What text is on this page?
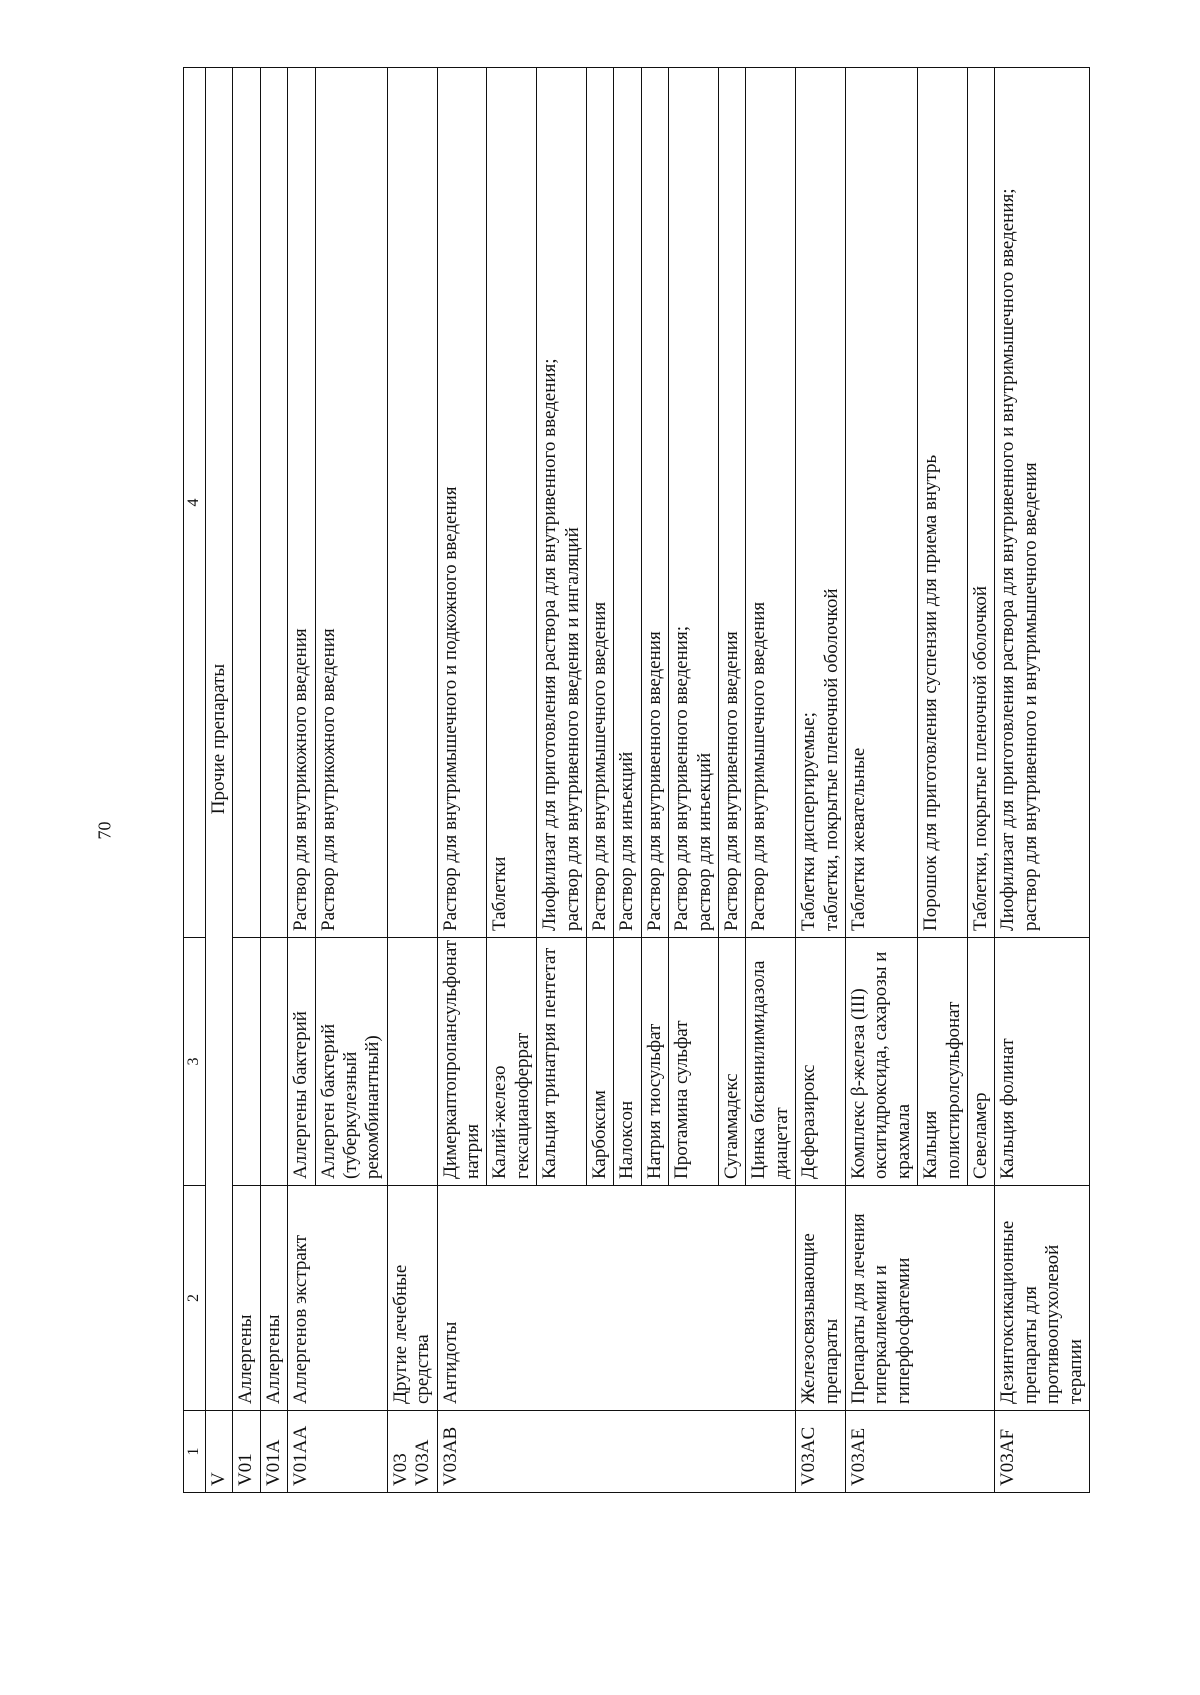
70
1	2	3	4
V	Прочие препараты		
V01	Аллергены		
V01A	Аллергены		
V01AA	Аллергенов экстракт	Аллергены бактерий	Раствор для внутрикожного введения
		Аллерген бактерий (туберкулезный рекомбинантный)	Раствор для внутрикожного введения

V03 V03A	Другие лечебные средства		
V03AB	Антидоты	Димеркаптопропансульфонат натрия	Раствор для внутримышечного и подкожного введения
		Калий-железо гексацианоферрат	Таблетки
		Кальция тринатрия пентетат	Лиофилизат для приготовления раствора для внутривенного введения;
раствор для внутривенного введения и ингаляций
		Карбоксим	Раствор для внутримышечного введения
		Налоксон	Раствор для инъекций
		Натрия тиосульфат	Раствор для внутривенного введения
		Протамина сульфат	Раствор для внутривенного введения;
раствор для инъекций
		Сугаммадекс	Раствор для внутривенного введения
		Цинка бисвинилимидазола диацетат	Раствор для внутримышечного введения
V03AC	Железосвязывающие препараты	Деферазирокс	Таблетки диспергируемые;
таблетки, покрытые пленочной оболочкой
V03AE	Препараты для лечения гиперкалиемии и гиперфосфатемии	Комплекс β-железа (III) оксигидроксида, сахарозы и крахмала	Таблетки жевательные
		Кальция полистиролсульфонат	Порошок для приготовления суспензии для приема внутрь
		Севеламер	Таблетки, покрытые пленочной оболочкой
V03AF	Дезинтоксикационные препараты для противоопухолевой терапии	Кальция фолинат	Лиофилизат для приготовления раствора для внутривенного и внутримышечного введения;
раствор для внутривенного и внутримышечного введения
